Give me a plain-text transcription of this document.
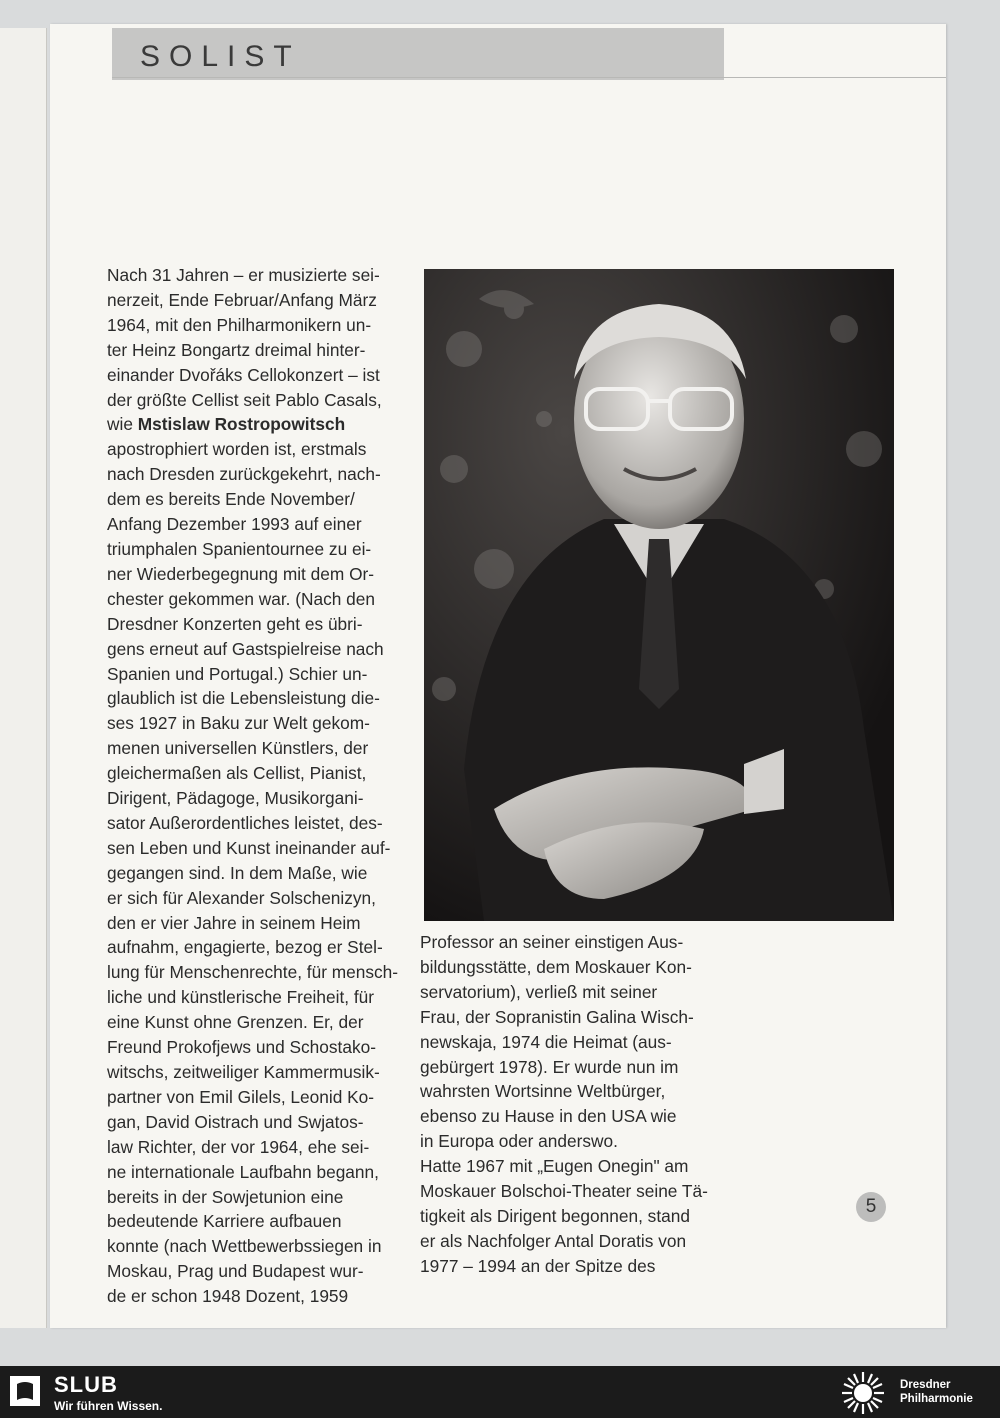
SOLIST
Nach 31 Jahren – er musizierte sei-
nerzeit, Ende Februar/Anfang März
1964, mit den Philharmonikern un-
ter Heinz Bongartz dreimal hinter-
einander Dvořáks Cellokonzert – ist
der größte Cellist seit Pablo Casals,
wie Mstislaw Rostropowitsch
apostrophiert worden ist, erstmals
nach Dresden zurückgekehrt, nach-
dem es bereits Ende November/
Anfang Dezember 1993 auf einer
triumphalen Spanientournee zu ei-
ner Wiederbegegnung mit dem Or-
chester gekommen war. (Nach den
Dresdner Konzerten geht es übri-
gens erneut auf Gastspielreise nach
Spanien und Portugal.) Schier un-
glaublich ist die Lebensleistung die-
ses 1927 in Baku zur Welt gekom-
menen universellen Künstlers, der
gleichermaßen als Cellist, Pianist,
Dirigent, Pädagoge, Musikorgani-
sator Außerordentliches leistet, des-
sen Leben und Kunst ineinander auf-
gegangen sind. In dem Maße, wie
er sich für Alexander Solschenizyn,
den er vier Jahre in seinem Heim
aufnahm, engagierte, bezog er Stel-
lung für Menschenrechte, für mensch-
liche und künstlerische Freiheit, für
eine Kunst ohne Grenzen. Er, der
Freund Prokofjews und Schostako-
witschs, zeitweiliger Kammermusik-
partner von Emil Gilels, Leonid Ko-
gan, David Oistrach und Swjatos-
law Richter, der vor 1964, ehe sei-
ne internationale Laufbahn begann,
bereits in der Sowjetunion eine
bedeutende Karriere aufbauen
konnte (nach Wettbewerbssiegen in
Moskau, Prag und Budapest wur-
de er schon 1948 Dozent, 1959
Professor an seiner einstigen Aus-
bildungsstätte, dem Moskauer Kon-
servatorium), verließ mit seiner
Frau, der Sopranistin Galina Wisch-
newskaja, 1974 die Heimat (aus-
gebürgert 1978). Er wurde nun im
wahrsten Wortsinne Weltbürger,
ebenso zu Hause in den USA wie
in Europa oder anderswo.
Hatte 1967 mit „Eugen Onegin" am
Moskauer Bolschoi-Theater seine Tä-
tigkeit als Dirigent begonnen, stand
er als Nachfolger Antal Doratis von
1977 – 1994 an der Spitze des
5
SLUB
Wir führen Wissen.
Dresdner
Philharmonie
